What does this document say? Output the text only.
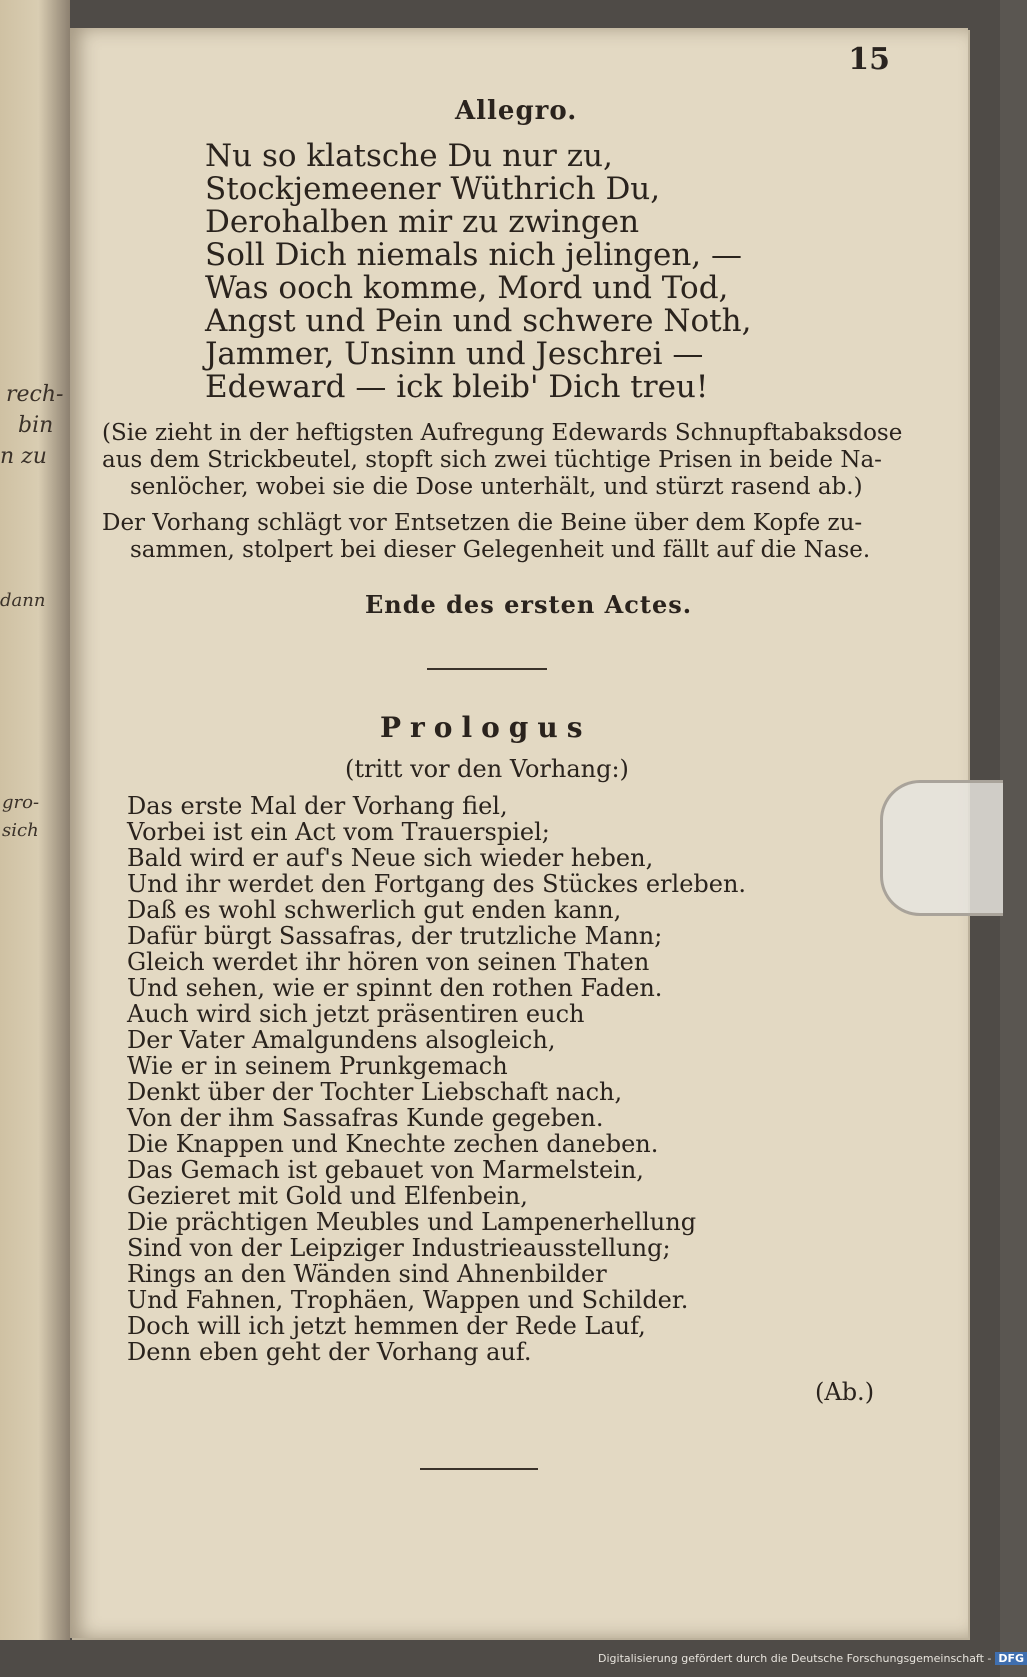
rech-
bin
n zu
dann
gro-
sich
15
Allegro.
Nu so klatsche Du nur zu,
Stockjemeener Wüthrich Du,
Derohalben mir zu zwingen
Soll Dich niemals nich jelingen, —
Was ooch komme, Mord und Tod,
Angst und Pein und schwere Noth,
Jammer, Unsinn und Jeschrei —
Edeward — ick bleib' Dich treu!
(Sie zieht in der heftigsten Aufregung Edewards Schnupftabaksdose
aus dem Strickbeutel, stopft sich zwei tüchtige Prisen in beide Na-
senlöcher, wobei sie die Dose unterhält, und stürzt rasend ab.)
Der Vorhang schlägt vor Entsetzen die Beine über dem Kopfe zu-
sammen, stolpert bei dieser Gelegenheit und fällt auf die Nase.
Ende des ersten Actes.
Prologus
(tritt vor den Vorhang:)
Das erste Mal der Vorhang fiel,
Vorbei ist ein Act vom Trauerspiel;
Bald wird er auf's Neue sich wieder heben,
Und ihr werdet den Fortgang des Stückes erleben.
Daß es wohl schwerlich gut enden kann,
Dafür bürgt Sassafras, der trutzliche Mann;
Gleich werdet ihr hören von seinen Thaten
Und sehen, wie er spinnt den rothen Faden.
Auch wird sich jetzt präsentiren euch
Der Vater Amalgundens alsogleich,
Wie er in seinem Prunkgemach
Denkt über der Tochter Liebschaft nach,
Von der ihm Sassafras Kunde gegeben.
Die Knappen und Knechte zechen daneben.
Das Gemach ist gebauet von Marmelstein,
Gezieret mit Gold und Elfenbein,
Die prächtigen Meubles und Lampenerhellung
Sind von der Leipziger Industrieausstellung;
Rings an den Wänden sind Ahnenbilder
Und Fahnen, Trophäen, Wappen und Schilder.
Doch will ich jetzt hemmen der Rede Lauf,
Denn eben geht der Vorhang auf.
(Ab.)
Digitalisierung gefördert durch die Deutsche Forschungsgemeinschaft - DFG
